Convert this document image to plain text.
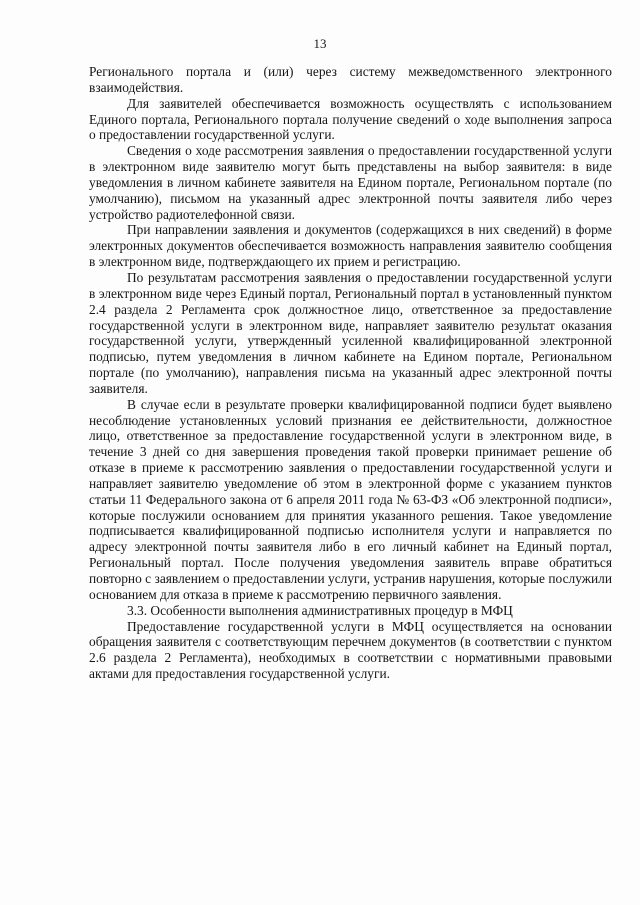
13

Регионального портала и (или) через систему межведомственного электронного взаимодействия.

Для заявителей обеспечивается возможность осуществлять с использованием Единого портала, Регионального портала получение сведений о ходе выполнения запроса о предоставлении государственной услуги.

Сведения о ходе рассмотрения заявления о предоставлении государственной услуги в электронном виде заявителю могут быть представлены на выбор заявителя: в виде уведомления в личном кабинете заявителя на Едином портале, Региональном портале (по умолчанию), письмом на указанный адрес электронной почты заявителя либо через устройство радиотелефонной связи.

При направлении заявления и документов (содержащихся в них сведений) в форме электронных документов обеспечивается возможность направления заявителю сообщения в электронном виде, подтверждающего их прием и регистрацию.

По результатам рассмотрения заявления о предоставлении государственной услуги в электронном виде через Единый портал, Региональный портал в установленный пунктом 2.4 раздела 2 Регламента срок должностное лицо, ответственное за предоставление государственной услуги в электронном виде, направляет заявителю результат оказания государственной услуги, утвержденный усиленной квалифицированной электронной подписью, путем уведомления в личном кабинете на Едином портале, Региональном портале (по умолчанию), направления письма на указанный адрес электронной почты заявителя.

В случае если в результате проверки квалифицированной подписи будет выявлено несоблюдение установленных условий признания ее действительности, должностное лицо, ответственное за предоставление государственной услуги в электронном виде, в течение 3 дней со дня завершения проведения такой проверки принимает решение об отказе в приеме к рассмотрению заявления о предоставлении государственной услуги и направляет заявителю уведомление об этом в электронной форме с указанием пунктов статьи 11 Федерального закона от 6 апреля 2011 года № 63-ФЗ «Об электронной подписи», которые послужили основанием для принятия указанного решения. Такое уведомление подписывается квалифицированной подписью исполнителя услуги и направляется по адресу электронной почты заявителя либо в его личный кабинет на Единый портал, Региональный портал. После получения уведомления заявитель вправе обратиться повторно с заявлением о предоставлении услуги, устранив нарушения, которые послужили основанием для отказа в приеме к рассмотрению первичного заявления.

3.3. Особенности выполнения административных процедур в МФЦ

Предоставление государственной услуги в МФЦ осуществляется на основании обращения заявителя с соответствующим перечнем документов (в соответствии с пунктом 2.6 раздела 2 Регламента), необходимых в соответствии с нормативными правовыми актами для предоставления государственной услуги.
